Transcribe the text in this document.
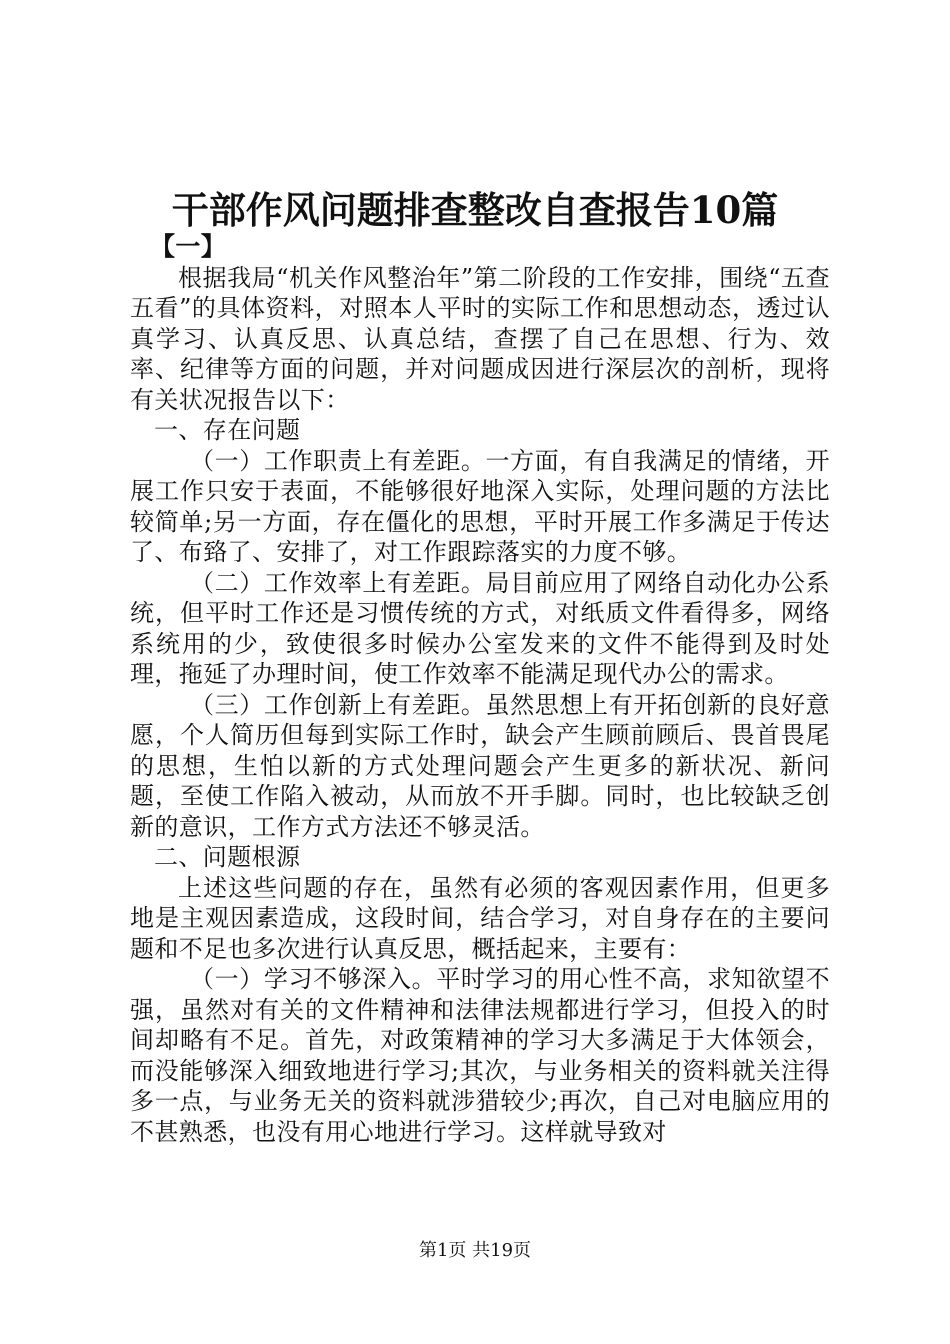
干部作风问题排查整改自查报告10篇

【一】

根据我局“机关作风整治年”第二阶段的工作安排，围绕“五查五看”的具体资料，对照本人平时的实际工作和思想动态，透过认真学习、认真反思、认真总结，查摆了自己在思想、行为、效率、纪律等方面的问题，并对问题成因进行深层次的剖析，现将有关状况报告以下：

一、存在问题

（一）工作职责上有差距。一方面，有自我满足的情绪，开展工作只安于表面，不能够很好地深入实际，处理问题的方法比较简单;另一方面，存在僵化的思想，平时开展工作多满足于传达了、布臵了、安排了，对工作跟踪落实的力度不够。

（二）工作效率上有差距。局目前应用了网络自动化办公系统，但平时工作还是习惯传统的方式，对纸质文件看得多，网络系统用的少，致使很多时候办公室发来的文件不能得到及时处理，拖延了办理时间，使工作效率不能满足现代办公的需求。

（三）工作创新上有差距。虽然思想上有开拓创新的良好意愿，个人简历但每到实际工作时，缺会产生顾前顾后、畏首畏尾的思想，生怕以新的方式处理问题会产生更多的新状况、新问题，至使工作陷入被动，从而放不开手脚。同时，也比较缺乏创新的意识，工作方式方法还不够灵活。

二、问题根源

上述这些问题的存在，虽然有必须的客观因素作用，但更多地是主观因素造成，这段时间，结合学习，对自身存在的主要问题和不足也多次进行认真反思，概括起来，主要有：

（一）学习不够深入。平时学习的用心性不高，求知欲望不强，虽然对有关的文件精神和法律法规都进行学习，但投入的时间却略有不足。首先，对政策精神的学习大多满足于大体领会，而没能够深入细致地进行学习;其次，与业务相关的资料就关注得多一点，与业务无关的资料就涉猎较少;再次，自己对电脑应用的不甚熟悉，也没有用心地进行学习。这样就导致对

第1页 共19页
